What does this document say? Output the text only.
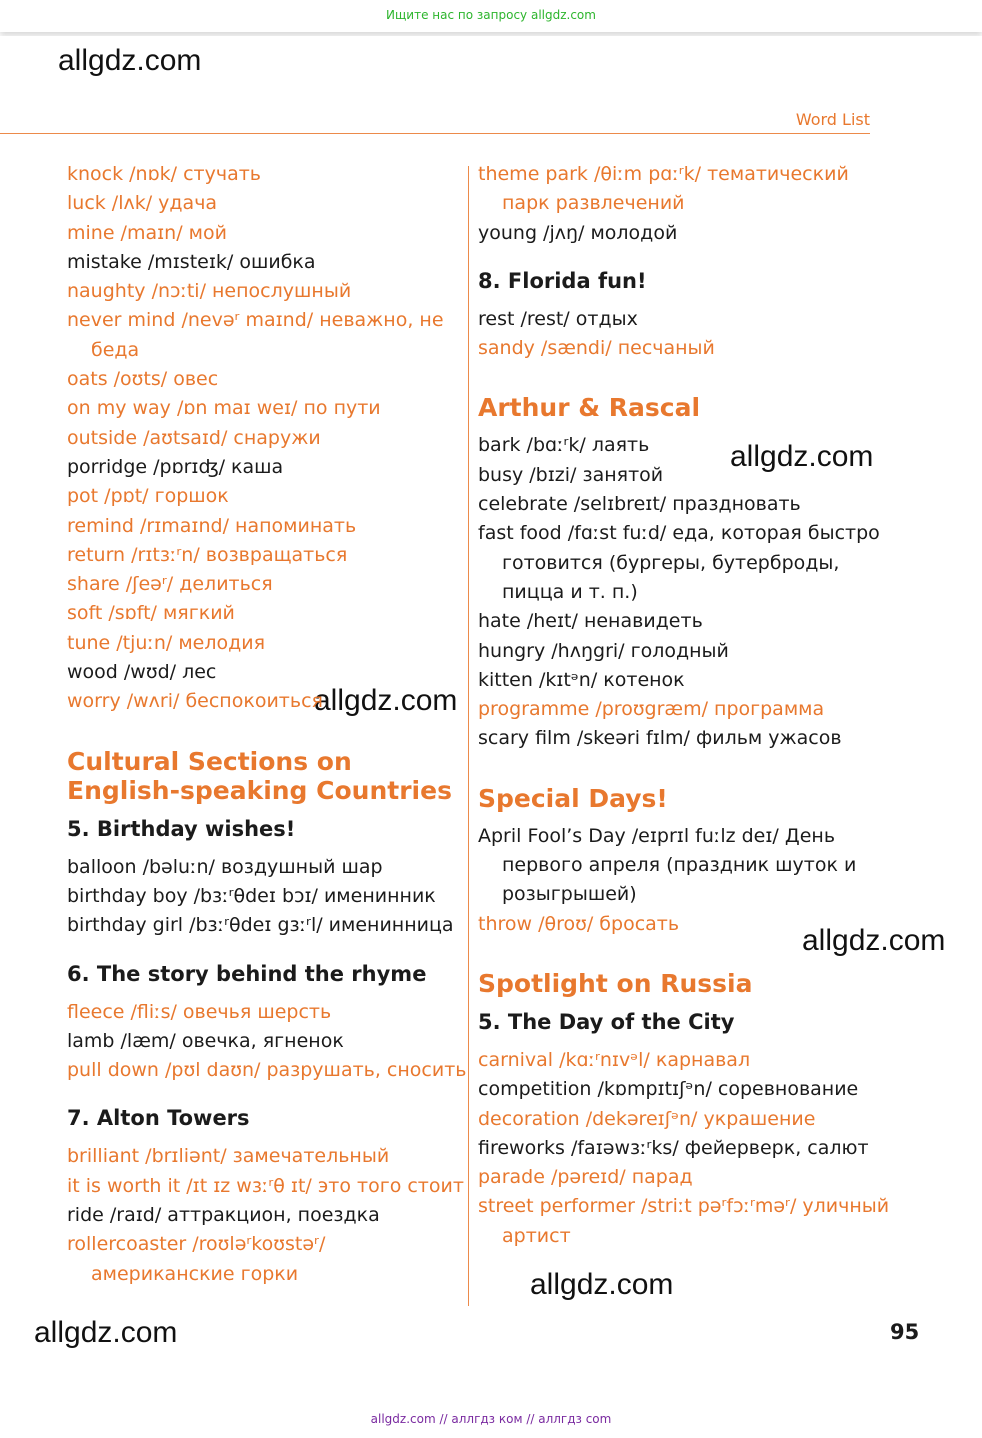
Ищите нас по запросу allgdz.com
allgdz.com
allgdz.com
allgdz.com
allgdz.com
allgdz.com
allgdz.com
Word List

knock /nɒk/ стучать

luck /lʌk/ удача

mine /maɪn/ мой

mistake /mɪsteɪk/ ошибка

naughty /nɔːti/ непослушный

never mind /nevəʳ maɪnd/ неважно, не беда

oats /oʊts/ овес

on my way /ɒn maɪ weɪ/ по пути

outside /aʊtsaɪd/ снаружи

porridge /pɒrɪʤ/ каша

pot /pɒt/ горшок

remind /rɪmaɪnd/ напоминать

return /rɪtɜːʳn/ возвращаться

share /ʃeəʳ/ делиться

soft /sɒft/ мягкий

tune /tjuːn/ мелодия

wood /wʊd/ лес

worry /wʌri/ беспокоиться

Cultural Sections on English-speaking Countries

5. Birthday wishes!

balloon /bəluːn/ воздушный шар

birthday boy /bɜːʳθdeɪ bɔɪ/ именинник

birthday girl /bɜːʳθdeɪ gɜːʳl/ именинница

6. The story behind the rhyme

fleece /fliːs/ овечья шерсть

lamb /læm/ овечка, ягненок

pull down /pʊl daʊn/ разрушать, сносить

7. Alton Towers

brilliant /brɪliənt/ замечательный

it is worth it /ɪt ɪz wɜːʳθ ɪt/ это того стоит

ride /raɪd/ аттракцион, поездка

rollercoaster /roʊləʳkoʊstəʳ/ американские горки

theme park /θiːm pɑːʳk/ тематический парк развлечений

young /jʌŋ/ молодой

8. Florida fun!

rest /rest/ отдых

sandy /sændi/ песчаный

Arthur & Rascal

bark /bɑːʳk/ лаять

busy /bɪzi/ занятой

celebrate /selɪbreɪt/ праздновать

fast food /fɑːst fuːd/ еда, которая быстро готовится (бургеры, бутерброды, пицца и т. п.)

hate /heɪt/ ненавидеть

hungry /hʌŋgri/ голодный

kitten /kɪtᵊn/ котенок

programme /proʊgræm/ программа

scary film /skeəri fɪlm/ фильм ужасов

Special Days!

April Fool’s Day /eɪprɪl fuːlz deɪ/ День первого апреля (праздник шуток и розыгрышей)

throw /θroʊ/ бросать

Spotlight on Russia

5. The Day of the City

carnival /kɑːʳnɪvᵊl/ карнавал

competition /kɒmpɪtɪʃᵊn/ соревнование

decoration /dekəreɪʃᵊn/ украшение

fireworks /faɪəwɜːʳks/ фейерверк, салют

parade /pəreɪd/ парад

street performer /striːt pəʳfɔːʳməʳ/ уличный артист

95
allgdz.com // аллгдз ком // аллгдз com
